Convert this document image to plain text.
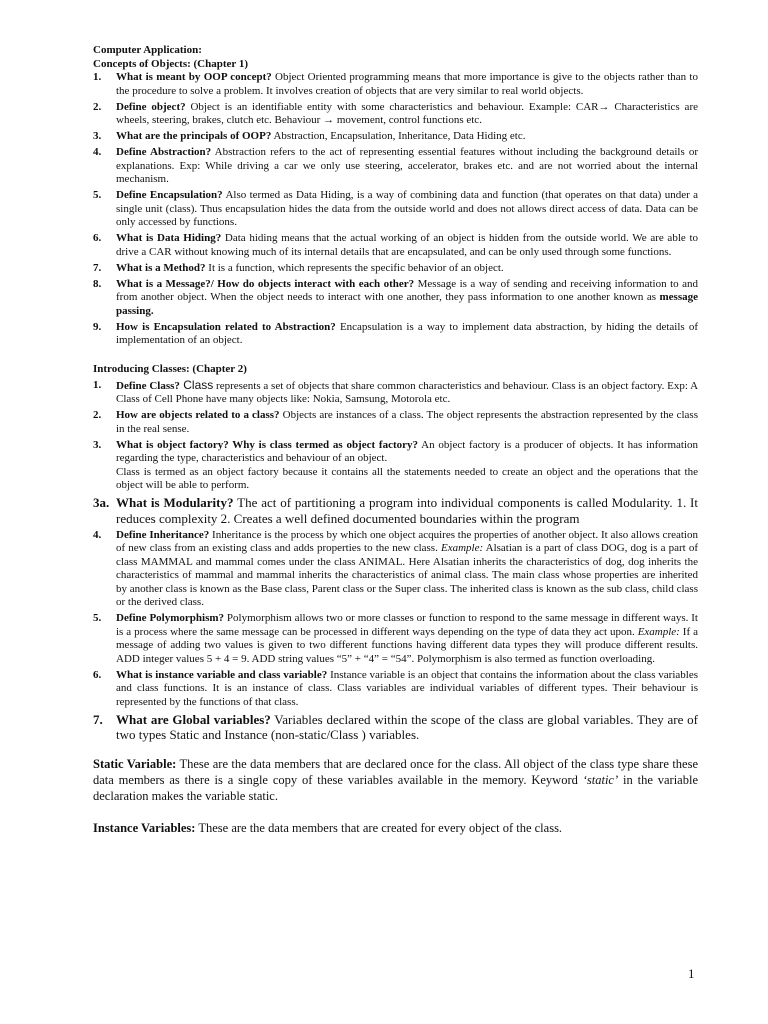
Computer Application:

Concepts of Objects: (Chapter 1)

1. What is meant by OOP concept? Object Oriented programming means that more importance is give to the objects rather than to the procedure to solve a problem. It involves creation of objects that are very similar to real world objects.
2. Define object? Object is an identifiable entity with some characteristics and behaviour. Example: CAR→ Characteristics are wheels, steering, brakes, clutch etc. Behaviour → movement, control functions etc.
3. What are the principals of OOP? Abstraction, Encapsulation, Inheritance, Data Hiding etc.
4. Define Abstraction? Abstraction refers to the act of representing essential features without including the background details or explanations. Exp: While driving a car we only use steering, accelerator, brakes etc. and are not worried about the internal mechanism.
5. Define Encapsulation? Also termed as Data Hiding, is a way of combining data and function (that operates on that data) under a single unit (class). Thus encapsulation hides the data from the outside world and does not allows direct access of data. Data can be only accessed by functions.
6. What is Data Hiding? Data hiding means that the actual working of an object is hidden from the outside world. We are able to drive a CAR without knowing much of its internal details that are encapsulated, and can be only used through some functions.
7. What is a Method? It is a function, which represents the specific behavior of an object.
8. What is a Message?/ How do objects interact with each other? Message is a way of sending and receiving information to and from another object. When the object needs to interact with one another, they pass information to one another known as message passing.
9. How is Encapsulation related to Abstraction? Encapsulation is a way to implement data abstraction, by hiding the details of implementation of an object.

Introducing Classes: (Chapter 2)

1. Define Class? Class represents a set of objects that share common characteristics and behaviour. Class is an object factory. Exp: A Class of Cell Phone have many objects like: Nokia, Samsung, Motorola etc.
2. How are objects related to a class? Objects are instances of a class. The object represents the abstraction represented by the class in the real sense.
3. What is object factory? Why is class termed as object factory? An object factory is a producer of objects. It has information regarding the type, characteristics and behaviour of an object.
Class is termed as an object factory because it contains all the statements needed to create an object and the operations that the object will be able to perform.
3a. What is Modularity? The act of partitioning a program into individual components is called Modularity. 1. It reduces complexity 2. Creates a well defined documented boundaries within the program
4. Define Inheritance? Inheritance is the process by which one object acquires the properties of another object. It also allows creation of new class from an existing class and adds properties to the new class. Example: Alsatian is a part of class DOG, dog is a part of class MAMMAL and mammal comes under the class ANIMAL. Here Alsatian inherits the characteristics of dog, dog inherits the characteristics of mammal and mammal inherits the characteristics of animal class. The main class whose properties are inherited by another class is known as the Base class, Parent class or the Super class. The inherited class is known as the sub class, child class or the derived class.
5. Define Polymorphism? Polymorphism allows two or more classes or function to respond to the same message in different ways. It is a process where the same message can be processed in different ways depending on the type of data they act upon. Example: If a message of adding two values is given to two different functions having different data types they will produce different results. ADD integer values 5 + 4 = 9. ADD string values “5” + “4” = “54”. Polymorphism is also termed as function overloading.
6. What is instance variable and class variable? Instance variable is an object that contains the information about the class variables and class functions. It is an instance of class. Class variables are individual variables of different types. Their behaviour is represented by the functions of that class.
7. What are Global variables? Variables declared within the scope of the class are global variables. They are of two types Static and Instance (non-static/Class ) variables.

Static Variable: These are the data members that are declared once for the class. All object of the class type share these data members as there is a single copy of these variables available in the memory. Keyword ‘static’ in the variable declaration makes the variable static.

Instance Variables: These are the data members that are created for every object of the class.

1
